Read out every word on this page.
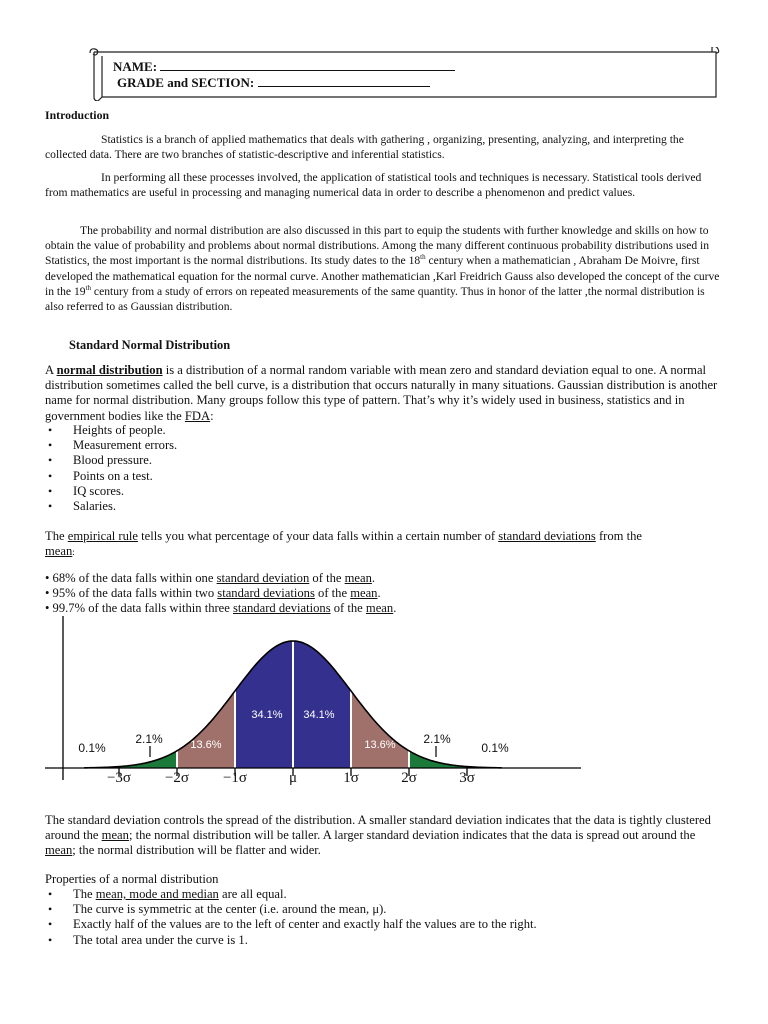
NAME:
GRADE and SECTION:
Introduction

Statistics is a branch of applied mathematics that deals with gathering , organizing, presenting, analyzing, and interpreting the collected data. There are two branches of statistic-descriptive and inferential statistics.

In performing all these processes involved, the application of statistical tools and techniques is necessary. Statistical tools derived from mathematics are useful in processing and managing numerical data in order to describe a phenomenon and predict values.

The probability and normal distribution are also discussed in this part to equip the students with further knowledge and skills on how to obtain the value of probability and problems about normal distributions. Among the many different continuous probability distributions used in Statistics, the most important is the normal distributions. Its study dates to the 18th century when a mathematician , Abraham De Moivre, first developed the mathematical equation for the normal curve. Another mathematician ,Karl Freidrich Gauss also developed the concept of the curve in the 19th century from a study of errors on repeated measurements of the same quantity. Thus in honor of the latter ,the normal distribution is also referred to as Gaussian distribution.

Standard Normal Distribution

A normal distribution is a distribution of a normal random variable with mean zero and standard deviation equal to one. A normal distribution sometimes called the bell curve, is a distribution that occurs naturally in many situations. Gaussian distribution is another name for normal distribution. Many groups follow this type of pattern. That’s why it’s widely used in business, statistics and in government bodies like the FDA:

• Heights of people.
• Measurement errors.
• Blood pressure.
• Points on a test.
• IQ scores.
• Salaries.

The empirical rule tells you what percentage of your data falls within a certain number of standard deviations from the mean:

• 68% of the data falls within one standard deviation of the mean.
• 95% of the data falls within two standard deviations of the mean.
• 99.7% of the data falls within three standard deviations of the mean.
−3σ −2σ −1σ	μ	1σ	2σ	3σ
0.1%
2.1%	13.6%
34.1% 34.1%
13.6% 2.1%
0.1%

The standard deviation controls the spread of the distribution. A smaller standard deviation indicates that the data is tightly clustered around the mean; the normal distribution will be taller. A larger standard deviation indicates that the data is spread out around the mean; the normal distribution will be flatter and wider.

Properties of a normal distribution
• The mean, mode and median are all equal.
• The curve is symmetric at the center (i.e. around the mean, μ).
• Exactly half of the values are to the left of center and exactly half the values are to the right.
• The total area under the curve is 1.
